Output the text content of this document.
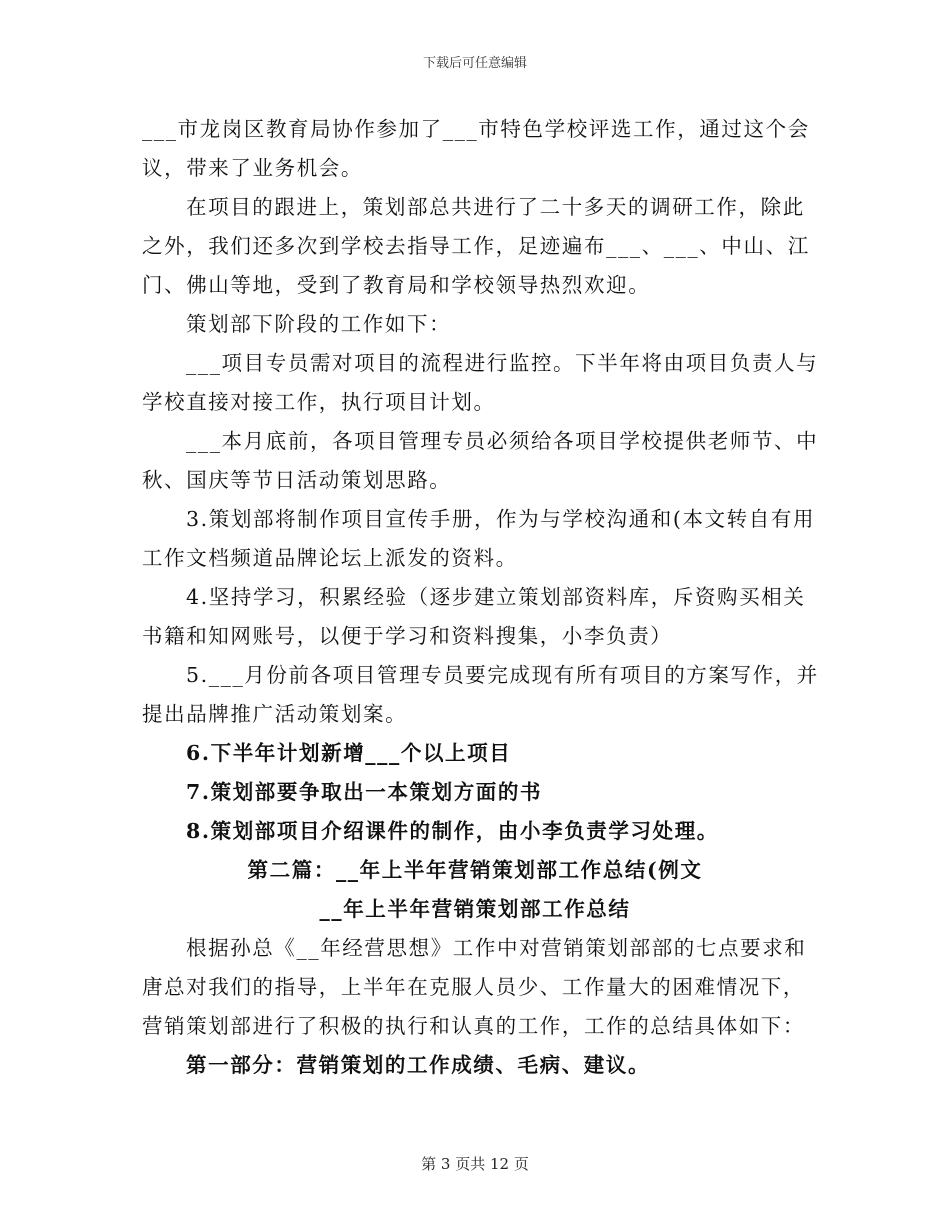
下载后可任意编辑
___市龙岗区教育局协作参加了___市特色学校评选工作，通过这个会
议，带来了业务机会。
在项目的跟进上，策划部总共进行了二十多天的调研工作，除此
之外，我们还多次到学校去指导工作，足迹遍布___、___、中山、江
门、佛山等地，受到了教育局和学校领导热烈欢迎。
策划部下阶段的工作如下：
___项目专员需对项目的流程进行监控。下半年将由项目负责人与
学校直接对接工作，执行项目计划。
___本月底前，各项目管理专员必须给各项目学校提供老师节、中
秋、国庆等节日活动策划思路。
3.策划部将制作项目宣传手册，作为与学校沟通和(本文转自有用
工作文档频道品牌论坛上派发的资料。
4.坚持学习，积累经验（逐步建立策划部资料库，斥资购买相关
书籍和知网账号，以便于学习和资料搜集，小李负责）
5.___月份前各项目管理专员要完成现有所有项目的方案写作，并
提出品牌推广活动策划案。
6.下半年计划新增___个以上项目
7.策划部要争取出一本策划方面的书
8.策划部项目介绍课件的制作，由小李负责学习处理。
第二篇：__年上半年营销策划部工作总结(例文
__年上半年营销策划部工作总结
根据孙总《__年经营思想》工作中对营销策划部部的七点要求和
唐总对我们的指导，上半年在克服人员少、工作量大的困难情况下，
营销策划部进行了积极的执行和认真的工作，工作的总结具体如下：
第一部分：营销策划的工作成绩、毛病、建议。
第 3 页共 12 页
